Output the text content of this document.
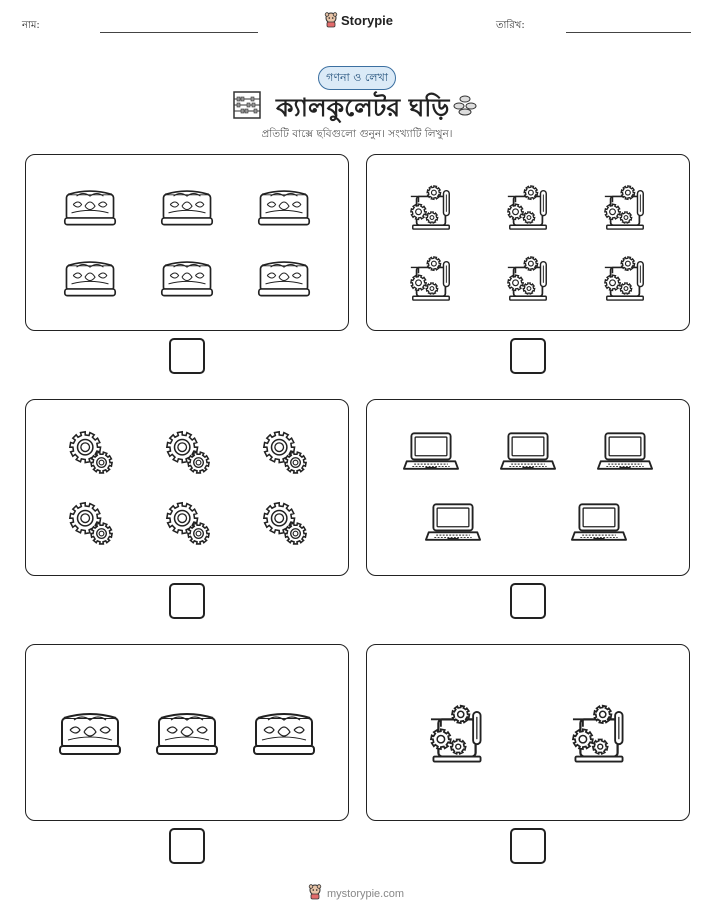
নাম:	Storypie	তারিখ:
গণনা ও লেখা
ক্যালকুলেটর ঘড়ি
প্রতিটি বাক্সে ছবিগুলো গুনুন। সংখ্যাটি লিখুন।
mystorypie.com
